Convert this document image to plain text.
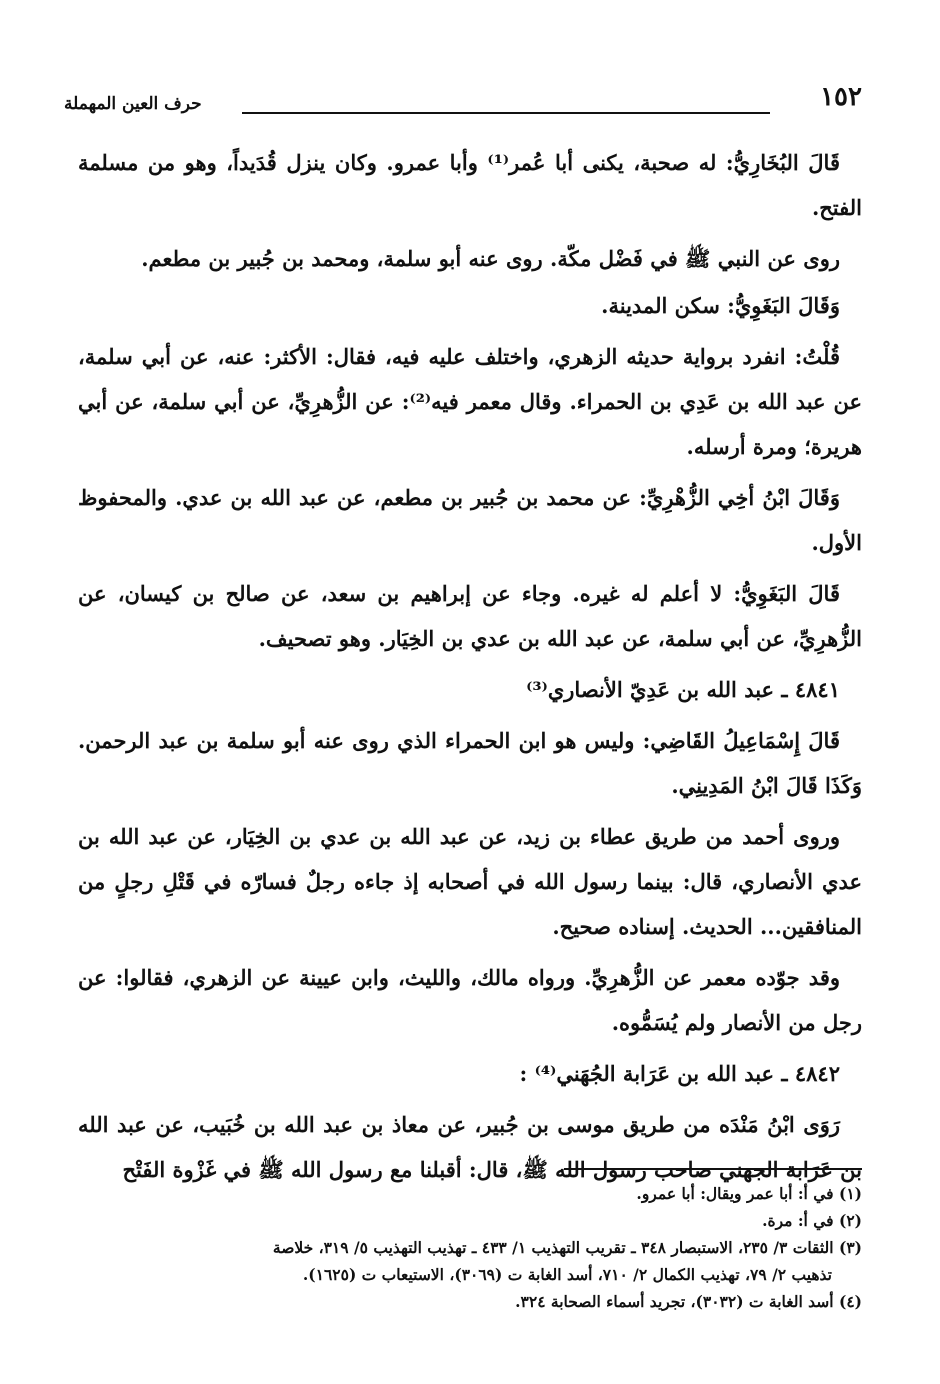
١٥٢
حرف العين المهملة

قَالَ البُخَارِيُّ: له صحبة، يكنى أبا عُمر⁽¹⁾ وأبا عمرو. وكان ينزل قُدَيداً، وهو من مسلمة الفتح.

روى عن النبي ﷺ في فَضْل مكّة. روى عنه أبو سلمة، ومحمد بن جُبير بن مطعم.

وَقَالَ البَغَوِيُّ: سكن المدينة.

قُلْتُ: انفرد برواية حديثه الزهري، واختلف عليه فيه، فقال: الأكثر: عنه، عن أبي سلمة، عن عبد الله بن عَدِي بن الحمراء. وقال معمر فيه⁽²⁾: عن الزُّهرِيِّ، عن أبي سلمة، عن أبي هريرة؛ ومرة أرسله.

وَقَالَ ابْنُ أخِي الزُّهْرِيِّ: عن محمد بن جُبير بن مطعم، عن عبد الله بن عدي. والمحفوظ الأول.

قَالَ البَغَوِيُّ: لا أعلم له غيره. وجاء عن إبراهيم بن سعد، عن صالح بن كيسان، عن الزُّهرِيِّ، عن أبي سلمة، عن عبد الله بن عدي بن الخِيَار. وهو تصحيف.

٤٨٤١ ـ عبد الله بن عَدِيّ الأنصاري⁽³⁾

قَالَ إِسْمَاعِيلُ القَاضِي: وليس هو ابن الحمراء الذي روى عنه أبو سلمة بن عبد الرحمن. وَكَذَا قَالَ ابْنُ المَدِينِي.

وروى أحمد من طريق عطاء بن زيد، عن عبد الله بن عدي بن الخِيَار، عن عبد الله بن عدي الأنصاري، قال: بينما رسول الله في أصحابه إذ جاءه رجلٌ فسارّه في قَتْلِ رجلٍ من المنافقين... الحديث. إسناده صحيح.

وقد جوّده معمر عن الزُّهرِيِّ. ورواه مالك، والليث، وابن عيينة عن الزهري، فقالوا: عن رجل من الأنصار ولم يُسَمُّوه.

٤٨٤٢ ـ عبد الله بن عَرَابة الجُهَني⁽⁴⁾ :

رَوَى ابْنُ مَنْدَه من طريق موسى بن جُبير، عن معاذ بن عبد الله بن خُبَيب، عن عبد الله بن عَرَابة الجهني صاحب رسول الله ﷺ، قال: أقبلنا مع رسول الله ﷺ في غَزْوة الفَتْح

(١) في أ: أبا عمر ويقال: أبا عمرو.

(٢) في أ: مرة.

(٣) الثقات ٣/ ٢٣٥، الاستبصار ٣٤٨ ـ تقريب التهذيب ١/ ٤٣٣ ـ تهذيب التهذيب ٥/ ٣١٩، خلاصة

تذهيب ٢/ ٧٩، تهذيب الكمال ٢/ ٧١٠، أسد الغابة ت (٣٠٦٩)، الاستيعاب ت (١٦٢٥).

(٤) أسد الغابة ت (٣٠٣٢)، تجريد أسماء الصحابة ٣٢٤.
